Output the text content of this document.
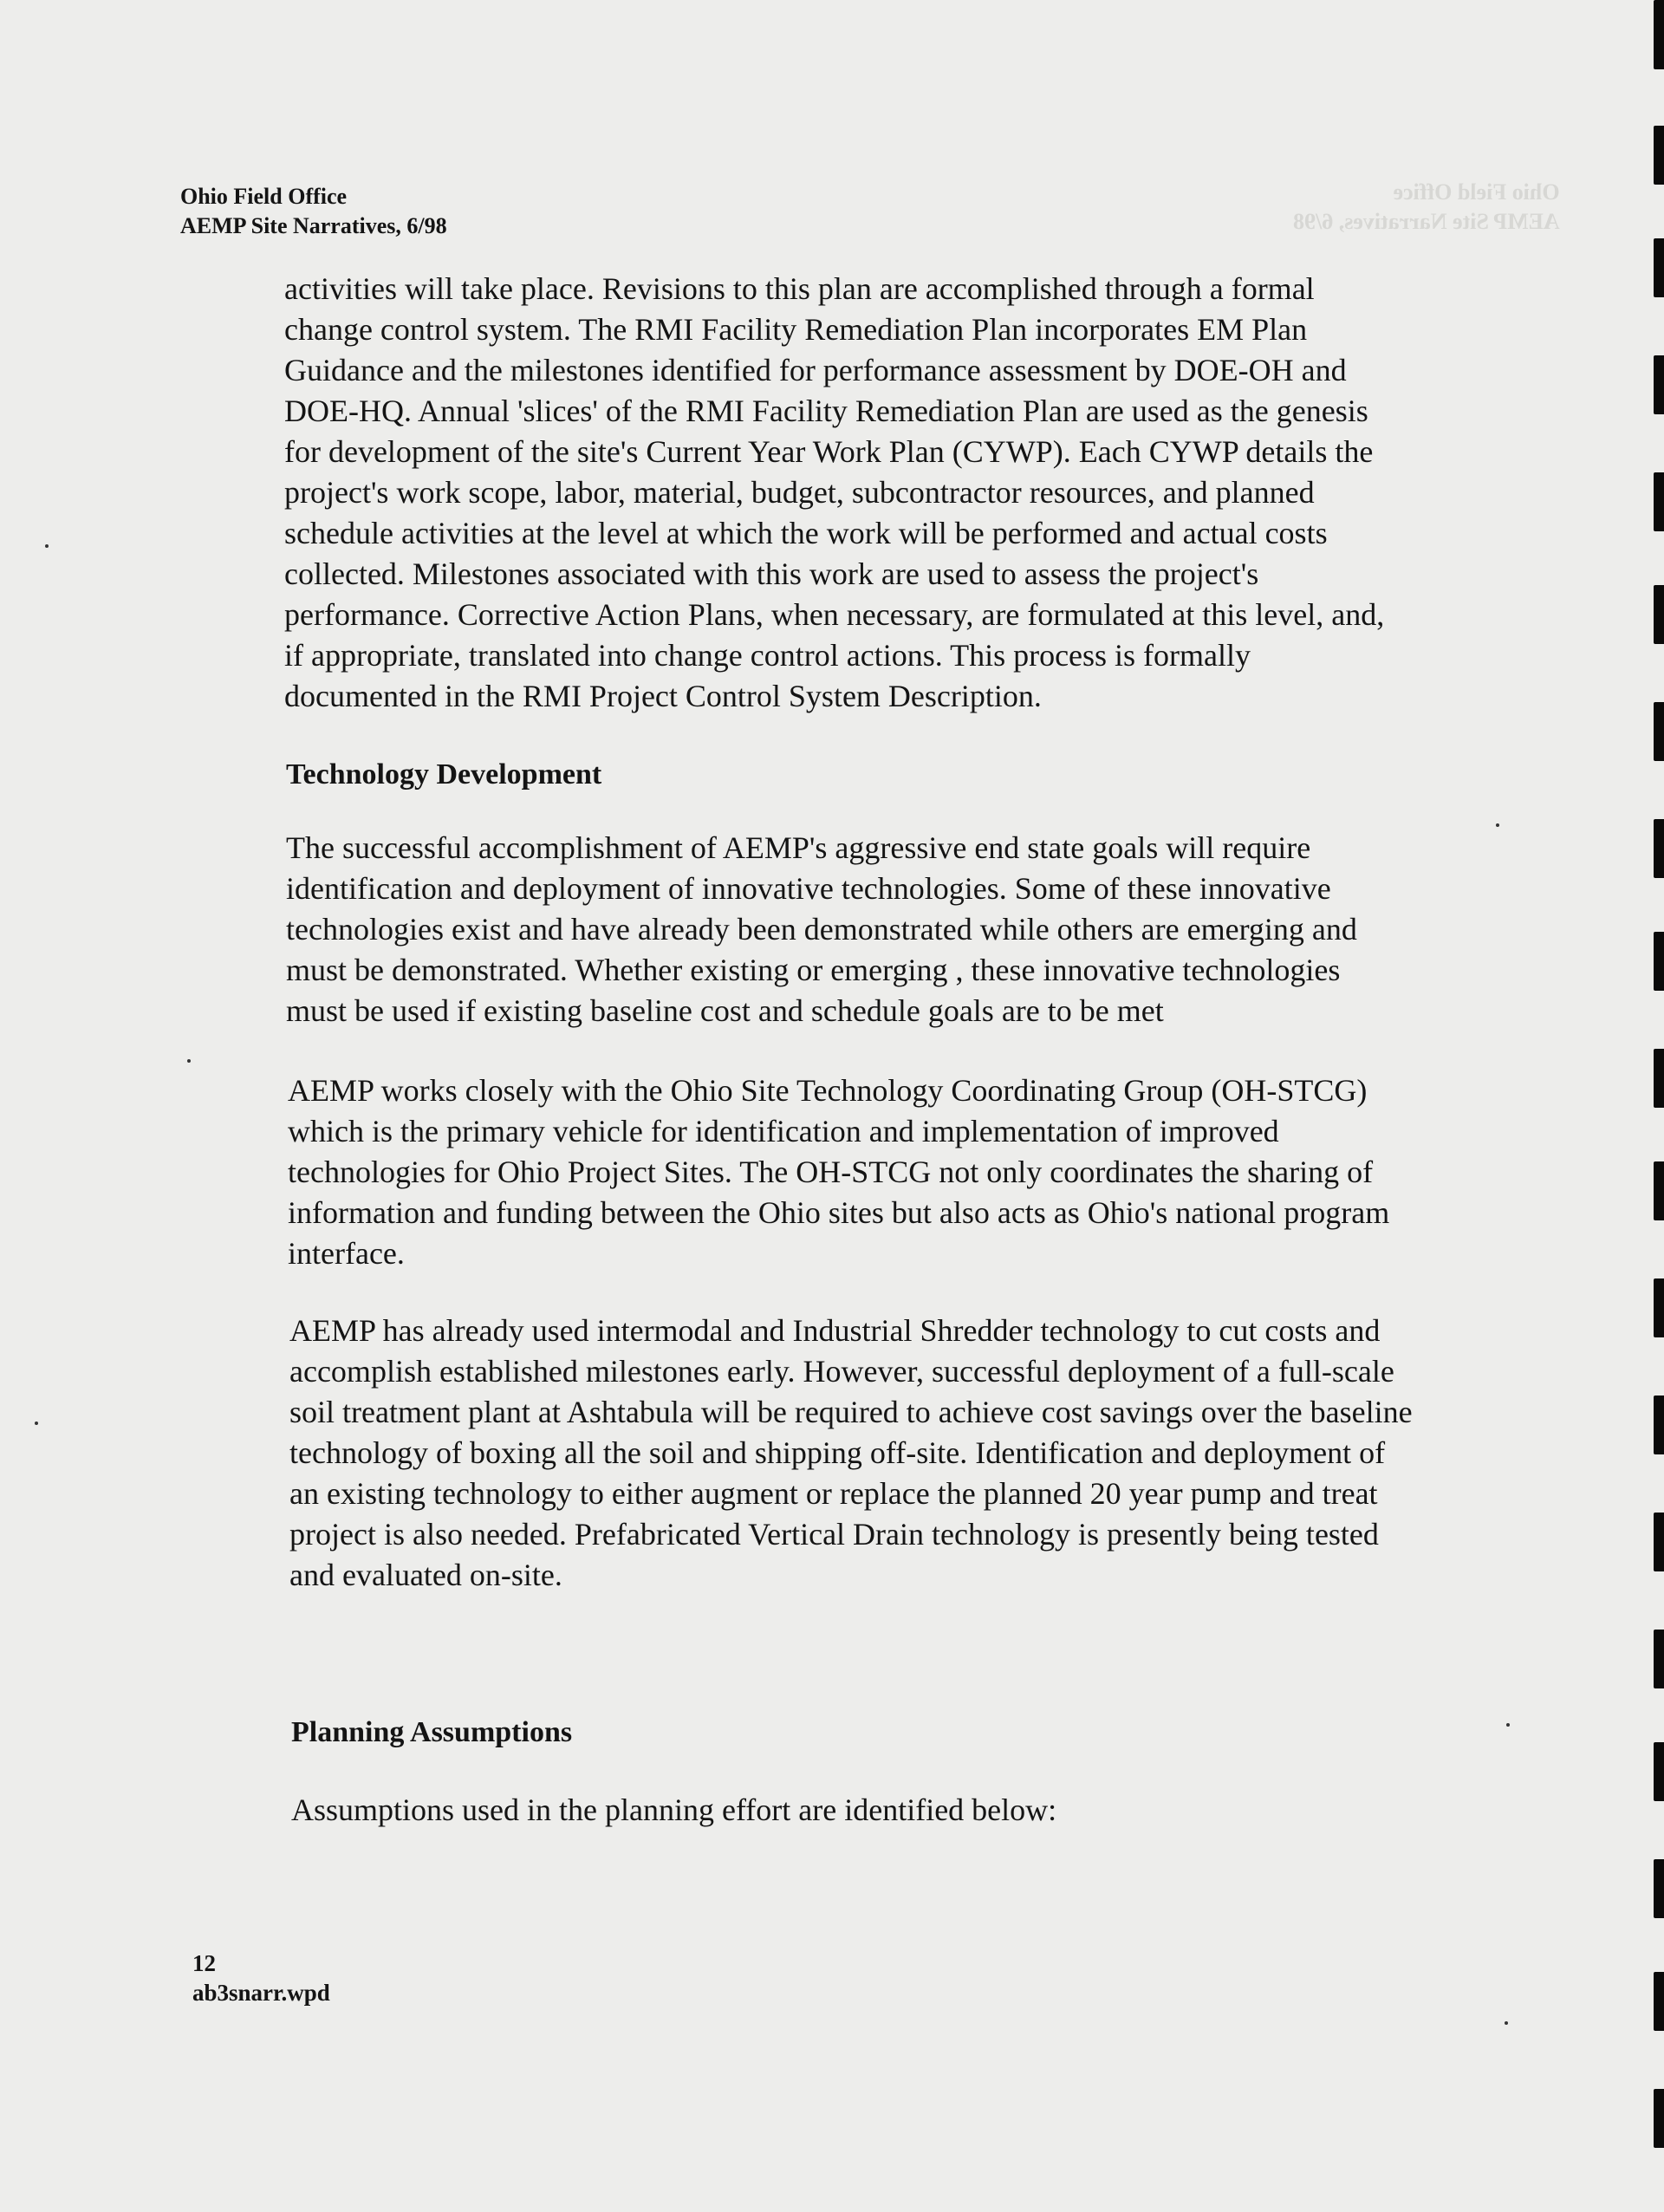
Ohio Field Office
AEMP Site Narratives, 6/98
Ohio Field Office
AEMP Site Narratives, 6/98

activities will take place. Revisions to this plan are accomplished through a formal
change control system. The RMI Facility Remediation Plan incorporates EM Plan
Guidance and the milestones identified for performance assessment by DOE-OH and
DOE-HQ. Annual 'slices' of the RMI Facility Remediation Plan are used as the genesis
for development of the site's Current Year Work Plan (CYWP). Each CYWP details the
project's work scope, labor, material, budget, subcontractor resources, and planned
schedule activities at the level at which the work will be performed and actual costs
collected. Milestones associated with this work are used to assess the project's
performance. Corrective Action Plans, when necessary, are formulated at this level, and,
if appropriate, translated into change control actions. This process is formally
documented in the RMI Project Control System Description.

Technology Development

The successful accomplishment of AEMP's aggressive end state goals will require
identification and deployment of innovative technologies. Some of these innovative
technologies exist and have already been demonstrated while others are emerging and
must be demonstrated. Whether existing or emerging , these innovative technologies
must be used if existing baseline cost and schedule goals are to be met

AEMP works closely with the Ohio Site Technology Coordinating Group (OH-STCG)
which is the primary vehicle for identification and implementation of improved
technologies for Ohio Project Sites. The OH-STCG not only coordinates the sharing of
information and funding between the Ohio sites but also acts as Ohio's national program
interface.

AEMP has already used intermodal and Industrial Shredder technology to cut costs and
accomplish established milestones early. However, successful deployment of a full-scale
soil treatment plant at Ashtabula will be required to achieve cost savings over the baseline
technology of boxing all the soil and shipping off-site. Identification and deployment of
an existing technology to either augment or replace the planned 20 year pump and treat
project is also needed. Prefabricated Vertical Drain technology is presently being tested
and evaluated on-site.

Planning Assumptions

Assumptions used in the planning effort are identified below:

12
ab3snarr.wpd
